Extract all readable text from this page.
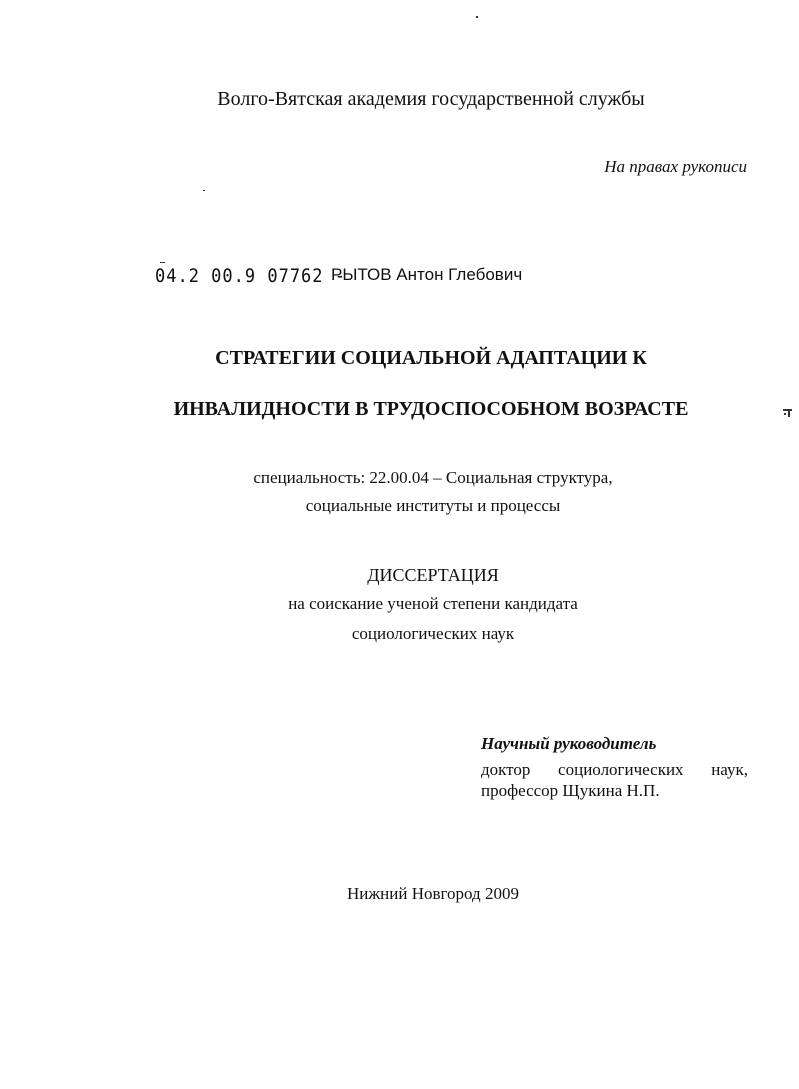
Волго-Вятская академия государственной службы
На правах рукописи
04.2 00.9 07762 -
РЫТОВ Антон Глебович
СТРАТЕГИИ СОЦИАЛЬНОЙ АДАПТАЦИИ К
ИНВАЛИДНОСТИ В ТРУДОСПОСОБНОМ ВОЗРАСТЕ
специальность: 22.00.04 – Социальная структура,
социальные институты и процессы
ДИССЕРТАЦИЯ
на соискание ученой степени кандидата
социологических наук
Научный руководитель
доктор социологических наук,
профессор Щукина Н.П.
Нижний Новгород 2009
